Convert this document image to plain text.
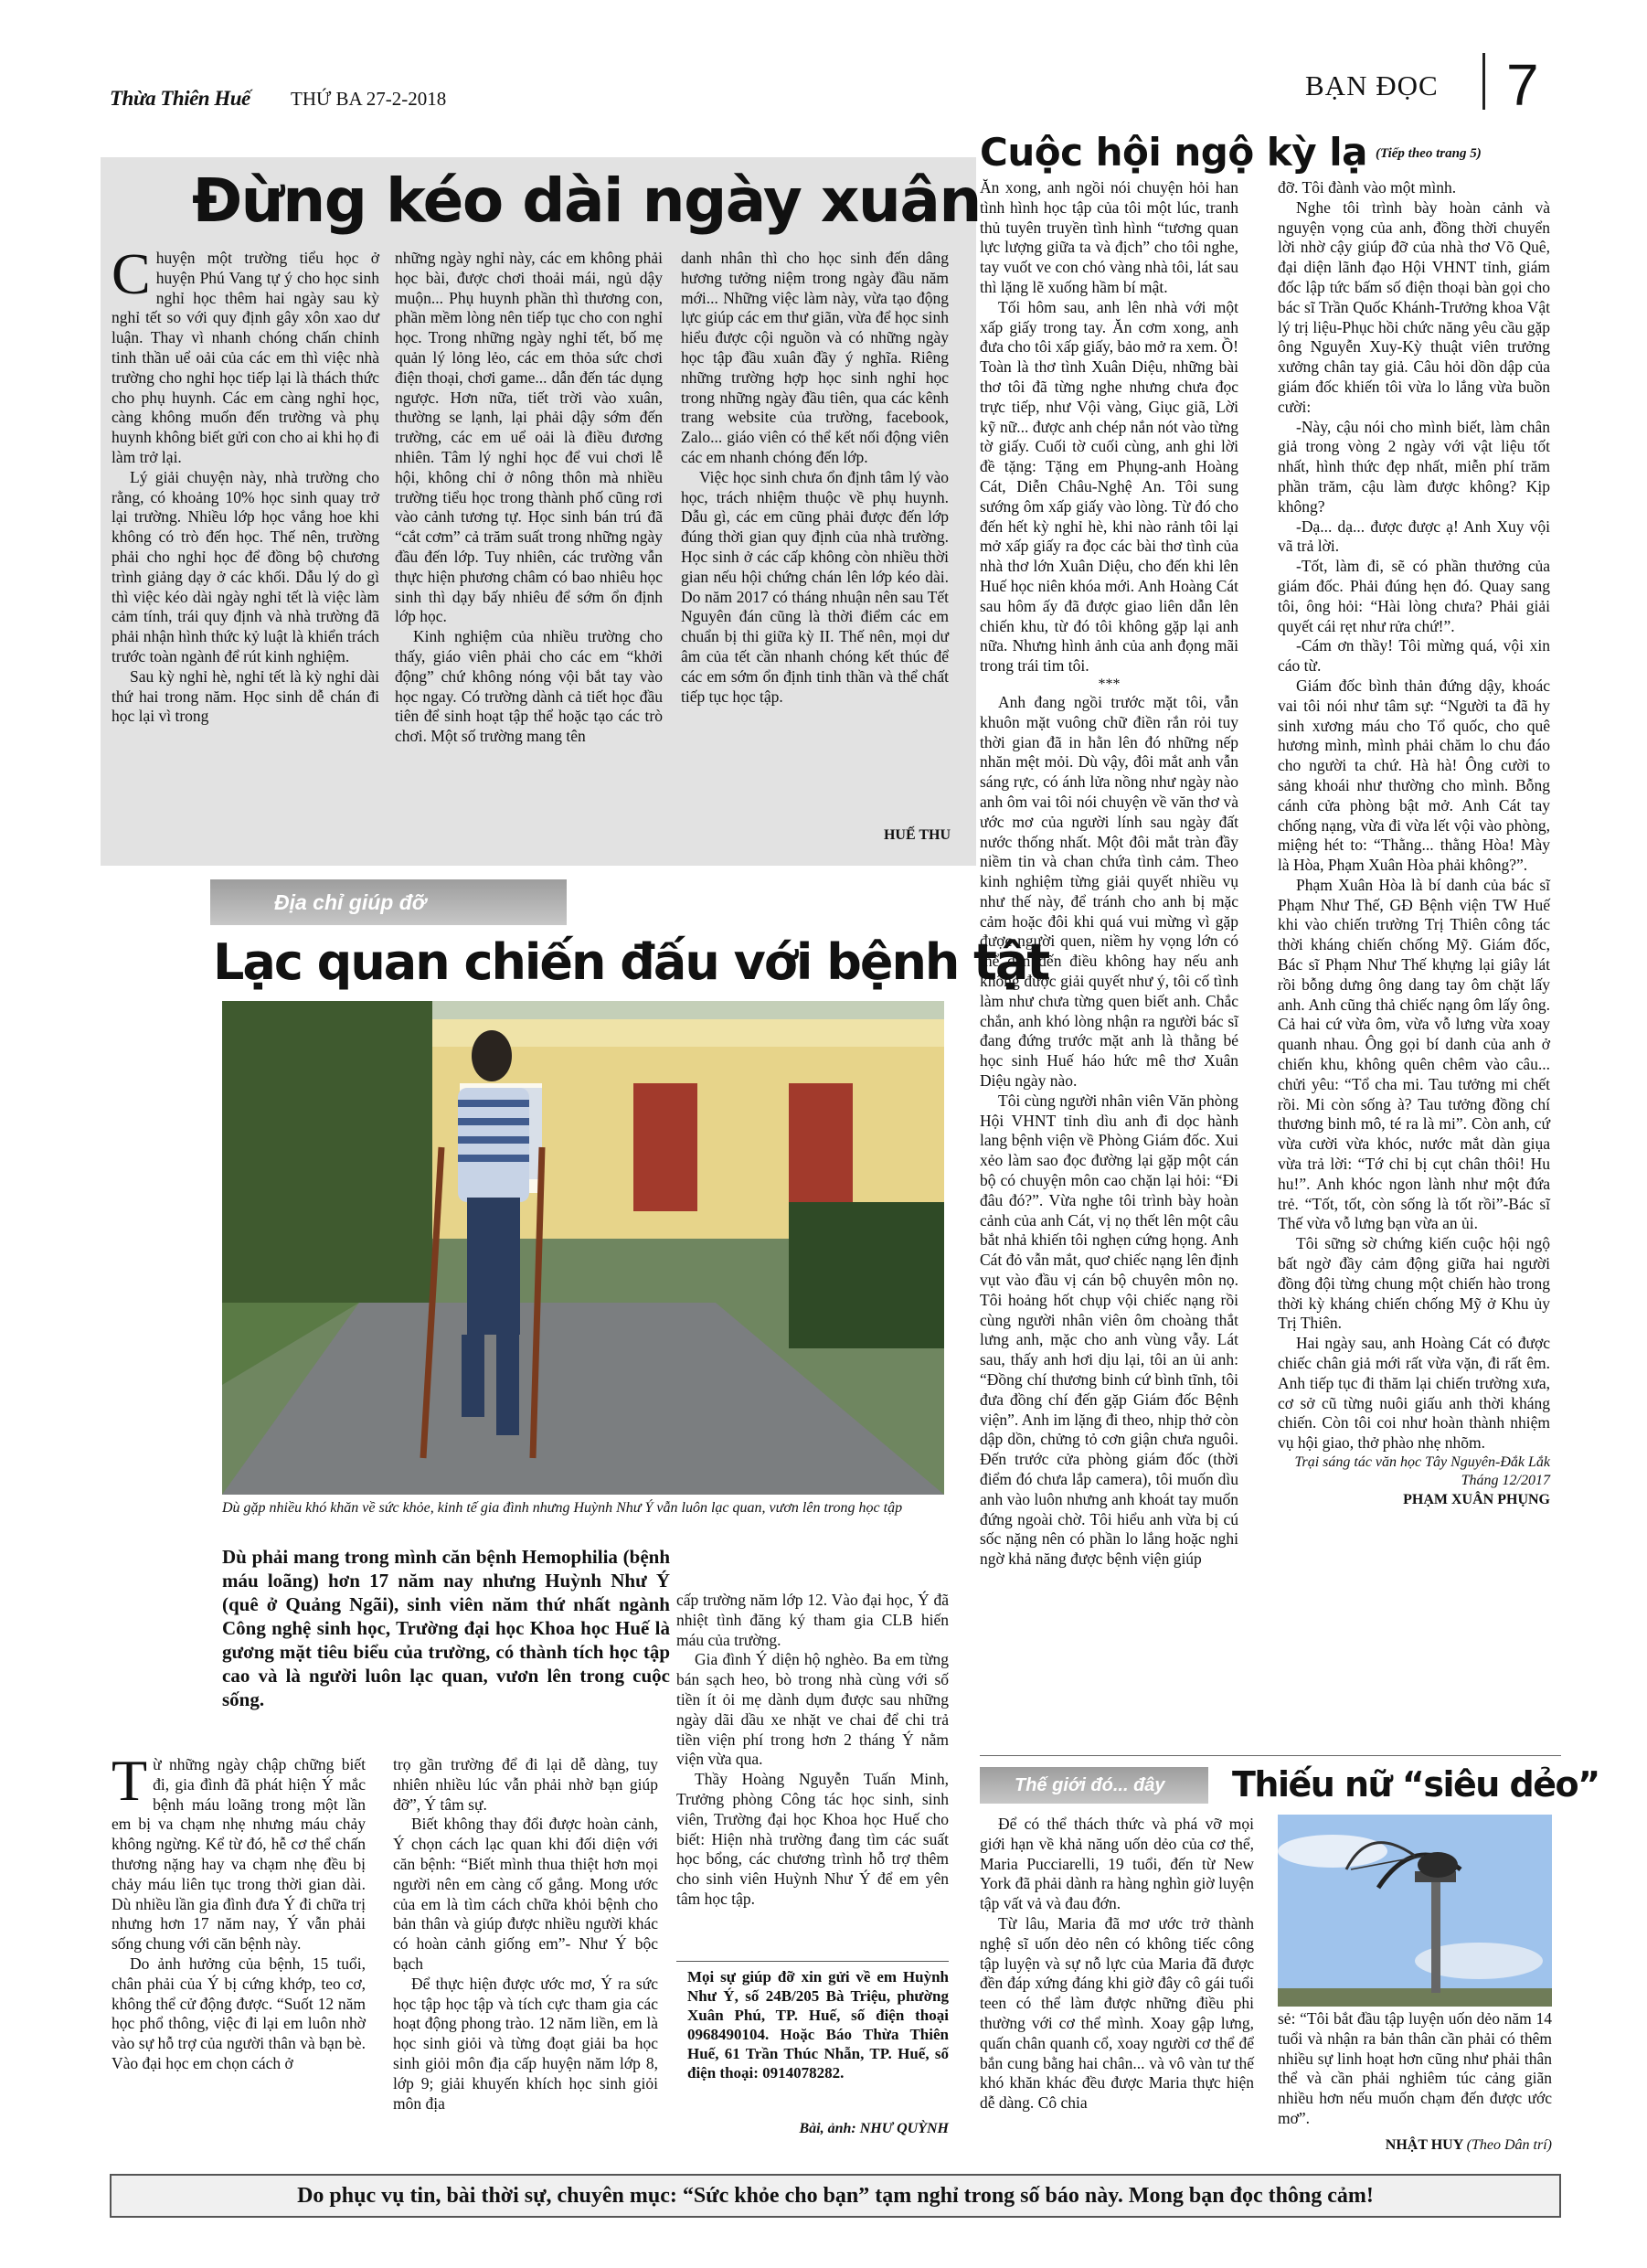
Thừa Thiên Huế THỨ BA 27-2-2018	BẠN ĐỌC 7
Đừng kéo dài ngày xuân
C huyện một trường tiểu học ở huyện Phú Vang tự ý cho học sinh nghỉ học thêm hai ngày sau kỳ nghỉ tết so với quy định gây xôn xao dư luận. Thay vì nhanh chóng chấn chỉnh tinh thần uể oải của các em thì việc nhà trường cho nghỉ học tiếp lại là thách thức cho phụ huynh. Các em càng nghỉ học, càng không muốn đến trường và phụ huynh không biết gửi con cho ai khi họ đi làm trở lại.

Lý giải chuyện này, nhà trường cho rằng, có khoảng 10% học sinh quay trở lại trường. Nhiều lớp học vắng hoe khi không có trò đến học. Thế nên, trường phải cho nghỉ học để đồng bộ chương trình giảng dạy ở các khối. Dẫu lý do gì thì việc kéo dài ngày nghỉ tết là việc làm cảm tính, trái quy định và nhà trường đã phải nhận hình thức kỷ luật là khiển trách trước toàn ngành để rút kinh nghiệm.

Sau kỳ nghỉ hè, nghỉ tết là kỳ nghỉ dài thứ hai trong năm. Học sinh dễ chán đi học lại vì trong

những ngày nghỉ này, các em không phải học bài, được chơi thoải mái, ngủ dậy muộn... Phụ huynh phần thì thương con, phần mềm lòng nên tiếp tục cho con nghỉ học. Trong những ngày nghỉ tết, bố mẹ quản lý lỏng lẻo, các em thỏa sức chơi điện thoại, chơi game... dẫn đến tác dụng ngược. Hơn nữa, tiết trời vào xuân, thường se lạnh, lại phải dậy sớm đến trường, các em uể oải là điều đương nhiên. Tâm lý nghỉ học để vui chơi lễ hội, không chỉ ở nông thôn mà nhiều trường tiểu học trong thành phố cũng rơi vào cảnh tương tự. Học sinh bán trú đã “cắt cơm” cả trăm suất trong những ngày đầu đến lớp. Tuy nhiên, các trường vẫn thực hiện phương châm có bao nhiêu học sinh thì dạy bấy nhiêu để sớm ổn định lớp học.

Kinh nghiệm của nhiều trường cho thấy, giáo viên phải cho các em “khởi động” chứ không nóng vội bắt tay vào học ngay. Có trường dành cả tiết học đầu tiên để sinh hoạt tập thể hoặc tạo các trò chơi. Một số trường mang tên

danh nhân thì cho học sinh đến dâng hương tưởng niệm trong ngày đầu năm mới... Những việc làm này, vừa tạo động lực giúp các em thư giãn, vừa để học sinh hiểu được cội nguồn và có những ngày học tập đầu xuân đầy ý nghĩa. Riêng những trường hợp học sinh nghỉ học trong những ngày đầu tiên, qua các kênh trang website của trường, facebook, Zalo... giáo viên có thể kết nối động viên các em nhanh chóng đến lớp.

Việc học sinh chưa ổn định tâm lý vào học, trách nhiệm thuộc về phụ huynh. Dẫu gì, các em cũng phải được đến lớp đúng thời gian quy định của nhà trường. Học sinh ở các cấp không còn nhiều thời gian nếu hội chứng chán lên lớp kéo dài. Do năm 2017 có tháng nhuận nên sau Tết Nguyên đán cũng là thời điểm các em chuẩn bị thi giữa kỳ II. Thế nên, mọi dư âm của tết cần nhanh chóng kết thúc để các em sớm ổn định tinh thần và thể chất tiếp tục học tập.

HUẾ THU
Địa chỉ giúp đỡ
Lạc quan chiến đấu với bệnh tật
Dù gặp nhiều khó khăn về sức khỏe, kinh tế gia đình nhưng Huỳnh Như Ý vẫn luôn lạc quan, vươn lên trong học tập
Dù phải mang trong mình căn bệnh Hemophilia (bệnh máu loãng) hơn 17 năm nay nhưng Huỳnh Như Ý (quê ở Quảng Ngãi), sinh viên năm thứ nhất ngành Công nghệ sinh học, Trường đại học Khoa học Huế là gương mặt tiêu biểu của trường, có thành tích học tập cao và là người luôn lạc quan, vươn lên trong cuộc sống.
T ừ những ngày chập chững biết đi, gia đình đã phát hiện Ý mắc bệnh máu loãng trong một lần em bị va chạm nhẹ nhưng máu chảy không ngừng. Kể từ đó, hễ cơ thể chấn thương nặng hay va chạm nhẹ đều bị chảy máu liên tục trong thời gian dài. Dù nhiều lần gia đình đưa Ý đi chữa trị nhưng hơn 17 năm nay, Ý vẫn phải sống chung với căn bệnh này.

Do ảnh hưởng của bệnh, 15 tuổi, chân phải của Ý bị cứng khớp, teo cơ, không thể cử động được. “Suốt 12 năm học phổ thông, việc đi lại em luôn nhờ vào sự hỗ trợ của người thân và bạn bè. Vào đại học em chọn cách ở

trọ gần trường để đi lại dễ dàng, tuy nhiên nhiều lúc vẫn phải nhờ bạn giúp đỡ”, Ý tâm sự.

Biết không thay đổi được hoàn cảnh, Ý chọn cách lạc quan khi đối diện với căn bệnh: “Biết mình thua thiệt hơn mọi người nên em càng cố gắng. Mong ước của em là tìm cách chữa khỏi bệnh cho bản thân và giúp được nhiều người khác có hoàn cảnh giống em”- Như Ý bộc bạch

Để thực hiện được ước mơ, Ý ra sức học tập học tập và tích cực tham gia các hoạt động phong trào. 12 năm liền, em là học sinh giỏi và từng đoạt giải ba học sinh giỏi môn địa cấp huyện năm lớp 8, lớp 9; giải khuyến khích học sinh giỏi môn địa

cấp trường năm lớp 12. Vào đại học, Ý đã nhiệt tình đăng ký tham gia CLB hiến máu của trường.

Gia đình Ý diện hộ nghèo. Ba em từng bán sạch heo, bò trong nhà cùng với số tiền ít ỏi mẹ dành dụm được sau những ngày dãi dầu xe nhặt ve chai để chi trả tiền viện phí trong hơn 2 tháng Ý nằm viện vừa qua.

Thầy Hoàng Nguyễn Tuấn Minh, Trưởng phòng Công tác học sinh, sinh viên, Trường đại học Khoa học Huế cho biết: Hiện nhà trường đang tìm các suất học bổng, các chương trình hỗ trợ thêm cho sinh viên Huỳnh Như Ý để em yên tâm học tập.

Mọi sự giúp đỡ xin gửi về em Huỳnh Như Ý, số 24B/205 Bà Triệu, phường Xuân Phú, TP. Huế, số điện thoại 0968490104. Hoặc Báo Thừa Thiên Huế, 61 Trần Thúc Nhẫn, TP. Huế, số điện thoại: 0914078282.
Bài, ảnh: NHƯ QUỲNH
Cuộc hội ngộ kỳ lạ (Tiếp theo trang 5)

Ăn xong, anh ngồi nói chuyện hỏi han tình hình học tập của tôi một lúc, tranh thủ tuyên truyền tình hình “tương quan lực lượng giữa ta và địch” cho tôi nghe, tay vuốt ve con chó vàng nhà tôi, lát sau thì lặng lẽ xuống hầm bí mật.

Tối hôm sau, anh lên nhà với một xấp giấy trong tay. Ăn cơm xong, anh đưa cho tôi xấp giấy, bảo mở ra xem. Ồ! Toàn là thơ tình Xuân Diệu, những bài thơ tôi đã từng nghe nhưng chưa đọc trực tiếp, như Vội vàng, Giục giã, Lời kỹ nữ... được anh chép nắn nót vào từng tờ giấy. Cuối tờ cuối cùng, anh ghi lời đề tặng: Tặng em Phụng-anh Hoàng Cát, Diễn Châu-Nghệ An. Tôi sung sướng ôm xấp giấy vào lòng. Từ đó cho đến hết kỳ nghỉ hè, khi nào rảnh tôi lại mở xấp giấy ra đọc các bài thơ tình của nhà thơ lớn Xuân Diệu, cho đến khi lên Huế học niên khóa mới. Anh Hoàng Cát sau hôm ấy đã được giao liên dẫn lên chiến khu, từ đó tôi không gặp lại anh nữa. Nhưng hình ảnh của anh đọng mãi trong trái tim tôi.

***

Anh đang ngồi trước mặt tôi, vẫn khuôn mặt vuông chữ điền rắn rỏi tuy thời gian đã in hằn lên đó những nếp nhăn mệt mỏi. Dù vậy, đôi mắt anh vẫn sáng rực, có ánh lửa nồng như ngày nào anh ôm vai tôi nói chuyện về văn thơ và ước mơ của người lính sau ngày đất nước thống nhất. Một đôi mắt tràn đầy niềm tin và chan chứa tình cảm. Theo kinh nghiệm từng giải quyết nhiều vụ như thế này, để tránh cho anh bị mặc cảm hoặc đôi khi quá vui mừng vì gặp được người quen, niềm hy vọng lớn có thể dẫn đến điều không hay nếu anh không được giải quyết như ý, tôi cố tình làm như chưa từng quen biết anh. Chắc chắn, anh khó lòng nhận ra người bác sĩ đang đứng trước mặt anh là thằng bé học sinh Huế háo hức mê thơ Xuân Diệu ngày nào.

Tôi cùng người nhân viên Văn phòng Hội VHNT tỉnh dìu anh đi dọc hành lang bệnh viện về Phòng Giám đốc. Xui xẻo làm sao đọc đường lại gặp một cán bộ có chuyện môn cao chặn lại hỏi: “Đi đâu đó?”. Vừa nghe tôi trình bày hoàn cảnh của anh Cát, vị nọ thết lên một câu bắt nhả khiến tôi nghẹn cứng họng. Anh Cát đỏ vẫn mắt, quơ chiếc nạng lên định vụt vào đầu vị cán bộ chuyên môn nọ. Tôi hoảng hốt chụp vội chiếc nạng rồi cùng người nhân viên ôm choàng thắt lưng anh, mặc cho anh vùng vẫy. Lát sau, thấy anh hơi dịu lại, tôi an ủi anh: “Đồng chí thương binh cứ bình tĩnh, tôi đưa đồng chí đến gặp Giám đốc Bệnh viện”. Anh im lặng đi theo, nhịp thở còn dập dồn, chửng tỏ cơn giận chưa nguôi. Đến trước cửa phòng giám đốc (thời điểm đó chưa lắp camera), tôi muốn dìu anh vào luôn nhưng anh khoát tay muốn đứng ngoài chờ. Tôi hiểu anh vừa bị cú sốc nặng nên có phần lo lắng hoặc nghi ngờ khả năng được bệnh viện giúp

đỡ. Tôi đành vào một mình.

Nghe tôi trình bày hoàn cảnh và nguyện vọng của anh, đồng thời chuyển lời nhờ cậy giúp đỡ của nhà thơ Võ Quê, đại diện lãnh đạo Hội VHNT tỉnh, giám đốc lập tức bấm số điện thoại bàn gọi cho bác sĩ Trần Quốc Khánh-Trưởng khoa Vật lý trị liệu-Phục hồi chức năng yêu cầu gặp ông Nguyễn Xuy-Kỳ thuật viên trưởng xưởng chân tay giả. Câu hỏi dồn dập của giám đốc khiến tôi vừa lo lắng vừa buồn cười:

-Này, cậu nói cho mình biết, làm chân giả trong vòng 2 ngày với vật liệu tốt nhất, hình thức đẹp nhất, miễn phí trăm phần trăm, cậu làm được không? Kịp không?

-Dạ... dạ... được được ạ! Anh Xuy vội vã trả lời.

-Tốt, làm đi, sẽ có phần thưởng của giám đốc. Phải đúng hẹn đó. Quay sang tôi, ông hỏi: “Hài lòng chưa? Phải giải quyết cái rẹt như rửa chứ!”.

-Cám ơn thầy! Tôi mừng quá, vội xin cáo từ.

Giám đốc bình thản đứng dậy, khoác vai tôi nói như tâm sự: “Người ta đã hy sinh xương máu cho Tổ quốc, cho quê hương mình, mình phải chăm lo chu đáo cho người ta chứ. Hà hà! Ông cười to sảng khoái như thường cho mình. Bỗng cánh cửa phòng bật mở. Anh Cát tay chống nạng, vừa đi vừa lết vội vào phòng, miệng hét to: “Thằng... thằng Hòa! Mày là Hòa, Phạm Xuân Hòa phải không?”.

Phạm Xuân Hòa là bí danh của bác sĩ Phạm Như Thế, GĐ Bệnh viện TW Huế khi vào chiến trường Trị Thiên công tác thời kháng chiến chống Mỹ. Giám đốc, Bác sĩ Phạm Như Thế khựng lại giây lát rồi bỗng dưng ông dang tay ôm chặt lấy anh. Anh cũng thả chiếc nạng ôm lấy ông. Cả hai cứ vừa ôm, vừa vỗ lưng vừa xoay quanh nhau. Ông gọi bí danh của anh ở chiến khu, không quên chêm vào câu... chửi yêu: “Tổ cha mi. Tau tưởng mi chết rồi. Mi còn sống à? Tau tưởng đồng chí thương binh mô, té ra là mi”. Còn anh, cứ vừa cười vừa khóc, nước mắt dàn giụa vừa trả lời: “Tớ chỉ bị cụt chân thôi! Hu hu!”. Anh khóc ngon lành như một đứa trẻ. “Tốt, tốt, còn sống là tốt rồi”-Bác sĩ Thế vừa vỗ lưng bạn vừa an ủi.

Tôi sững sờ chứng kiến cuộc hội ngộ bất ngờ đầy cảm động giữa hai người đồng đội từng chung một chiến hào trong thời kỳ kháng chiến chống Mỹ ở Khu ủy Trị Thiên.

Hai ngày sau, anh Hoàng Cát có được chiếc chân giả mới rất vừa vặn, đi rất êm. Anh tiếp tục đi thăm lại chiến trường xưa, cơ sở cũ từng nuôi giấu anh thời kháng chiến. Còn tôi coi như hoàn thành nhiệm vụ hội giao, thở phào nhẹ nhõm.

Trại sáng tác văn học Tây Nguyên-Đắk Lắk
Tháng 12/2017
PHẠM XUÂN PHỤNG
Thế giới đó... đây	Thiếu nữ “siêu dẻo”

Để có thể thách thức và phá vỡ mọi giới hạn về khả năng uốn dẻo của cơ thể, Maria Pucciarelli, 19 tuổi, đến từ New York đã phải dành ra hàng nghìn giờ luyện tập vất vả và đau đớn.

Từ lâu, Maria đã mơ ước trở thành nghệ sĩ uốn dẻo nên có không tiếc công tập luyện và sự nỗ lực của Maria đã được đền đáp xứng đáng khi giờ đây cô gái tuổi teen có thể làm được những điều phi thường với cơ thể mình. Xoay gập lưng, quấn chân quanh cổ, xoay người cơ thể để bắn cung bằng hai chân... và vô vàn tư thế khó khăn khác đều được Maria thực hiện dễ dàng. Cô chia

sẻ: “Tôi bắt đầu tập luyện uốn dẻo năm 14 tuổi và nhận ra bản thân cần phải có thêm nhiều sự linh hoạt hơn cũng như phải thân thể và cần phải nghiêm túc cảng giãn nhiều hơn nếu muốn chạm đến được ước mơ”.

NHẬT HUY (Theo Dân trí)
Do phục vụ tin, bài thời sự, chuyên mục: “Sức khỏe cho bạn” tạm nghỉ trong số báo này. Mong bạn đọc thông cảm!
